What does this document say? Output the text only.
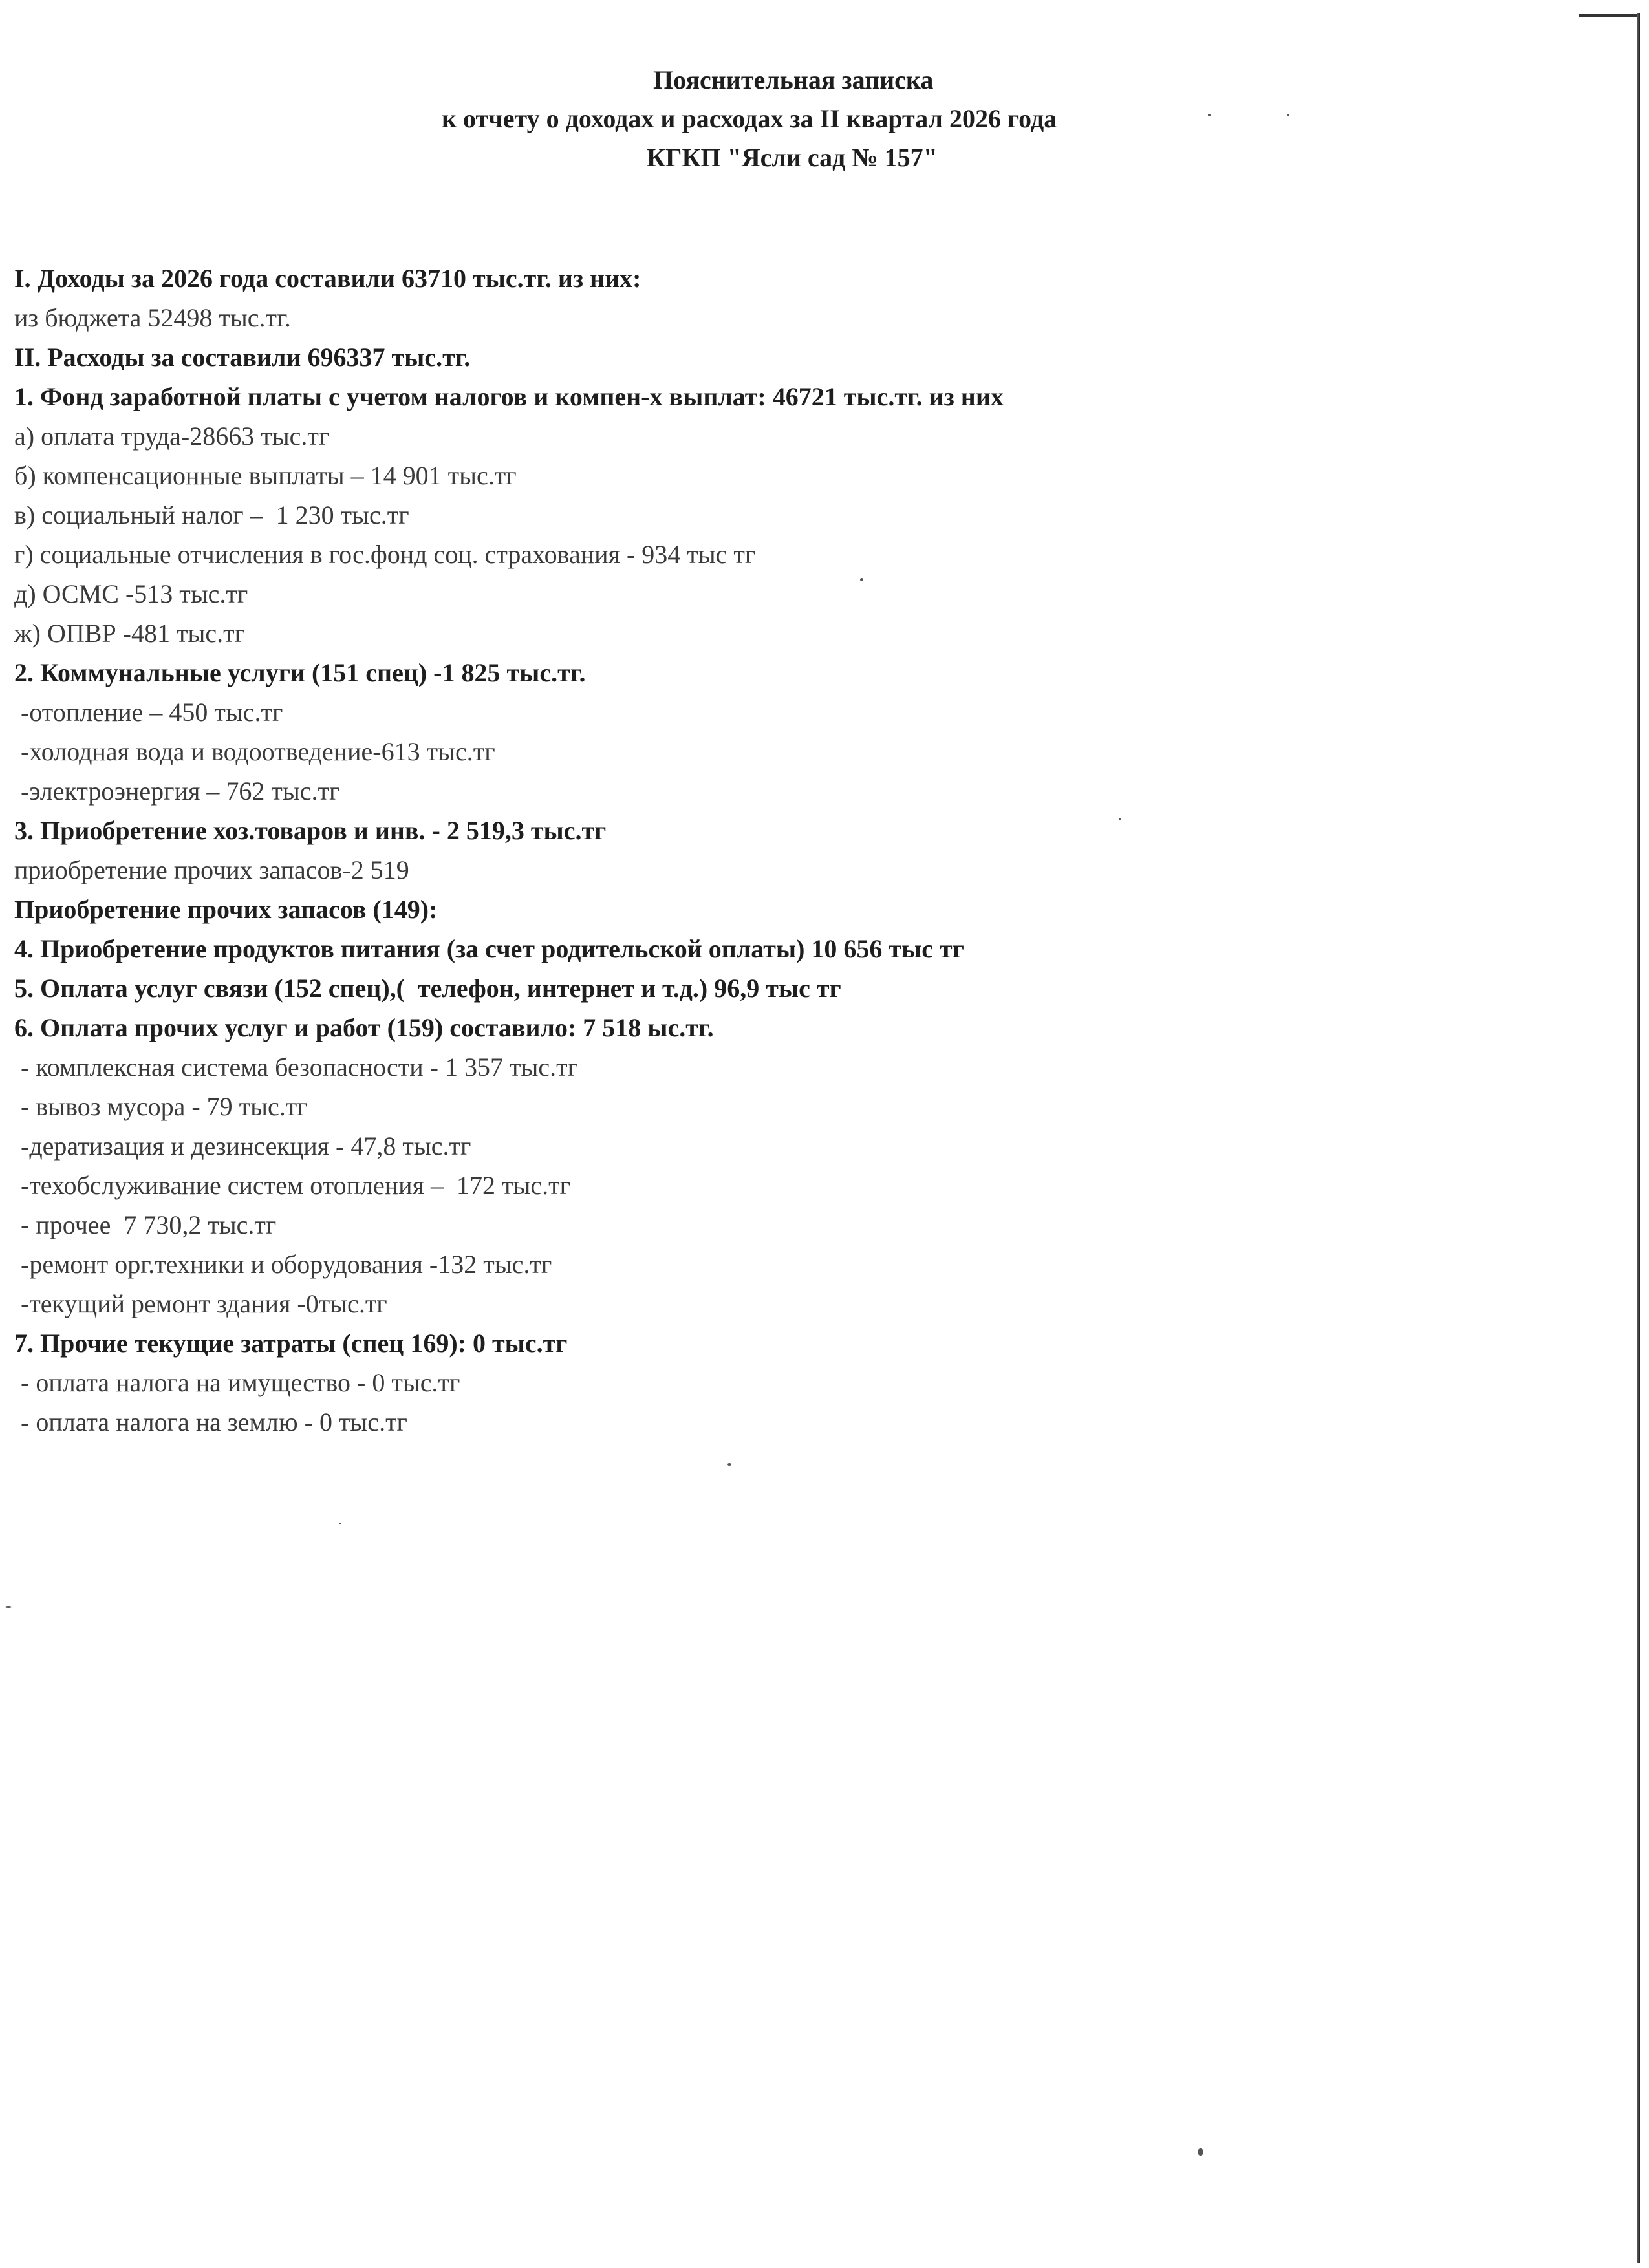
Пояснительная записка
к отчету о доходах и расходах за II квартал 2026 года
КГКП "Ясли сад № 157"
I. Доходы за 2026 года составили 63710 тыс.тг. из них:
из бюджета 52498 тыс.тг.
II. Расходы за составили 696337 тыс.тг.
1. Фонд заработной платы с учетом налогов и компен-х выплат: 46721 тыс.тг. из них
а) оплата труда-28663 тыс.тг
б) компенсационные выплаты – 14 901 тыс.тг
в) социальный налог –  1 230 тыс.тг
г) социальные отчисления в гос.фонд соц. страхования - 934 тыс тг
д) ОСМС -513 тыс.тг
ж) ОПВР -481 тыс.тг
2. Коммунальные услуги (151 спец) -1 825 тыс.тг.
-отопление – 450 тыс.тг
-холодная вода и водоотведение-613 тыс.тг
-электроэнергия – 762 тыс.тг
3. Приобретение хоз.товаров и инв. - 2 519,3 тыс.тг
приобретение прочих запасов-2 519
Приобретение прочих запасов (149):
4. Приобретение продуктов питания (за счет родительской оплаты) 10 656 тыс тг
5. Оплата услуг связи (152 спец),(  телефон, интернет и т.д.) 96,9 тыс тг
6. Оплата прочих услуг и работ (159) составило: 7 518 ыс.тг.
- комплексная система безопасности - 1 357 тыс.тг
- вывоз мусора - 79 тыс.тг
-дератизация и дезинсекция - 47,8 тыс.тг
-техобслуживание систем отопления –  172 тыс.тг
- прочее  7 730,2 тыс.тг
-ремонт орг.техники и оборудования -132 тыс.тг
-текущий ремонт здания -0тыс.тг
7. Прочие текущие затраты (спец 169): 0 тыс.тг
- оплата налога на имущество - 0 тыс.тг
- оплата налога на землю - 0 тыс.тг
